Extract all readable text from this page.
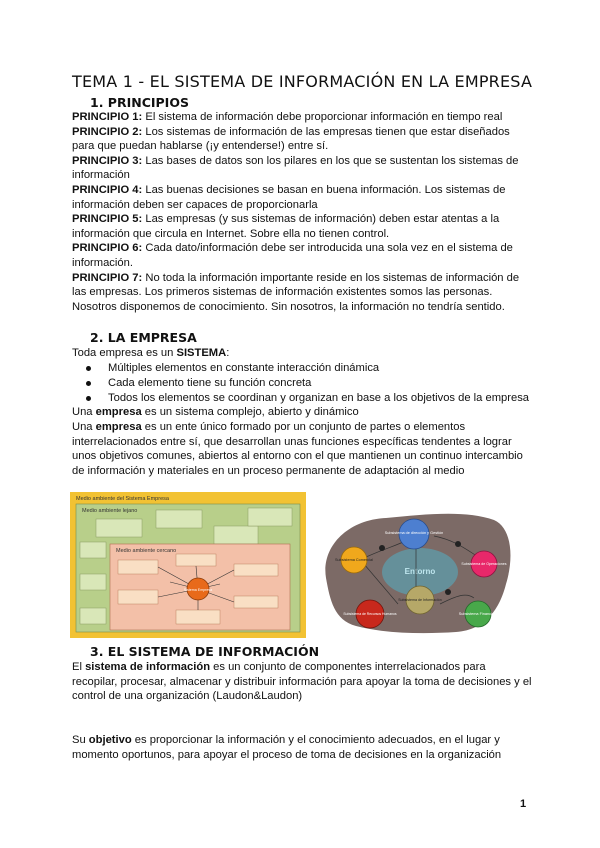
TEMA 1 - EL SISTEMA DE INFORMACIÓN EN LA EMPRESA
1. PRINCIPIOS
PRINCIPIO 1: El sistema de información debe proporcionar información en tiempo real
PRINCIPIO 2: Los sistemas de información de las empresas tienen que estar diseñados para que puedan hablarse (¡y entenderse!) entre sí.
PRINCIPIO 3: Las bases de datos son los pilares en los que se sustentan los sistemas de información
PRINCIPIO 4: Las buenas decisiones se basan en buena información. Los sistemas de información deben ser capaces de proporcionarla
PRINCIPIO 5: Las empresas (y sus sistemas de información) deben estar atentas a la información que circula en Internet. Sobre ella no tienen control.
PRINCIPIO 6: Cada dato/información debe ser introducida una sola vez en el sistema de información.
PRINCIPIO 7: No toda la información importante reside en los sistemas de información de las empresas. Los primeros sistemas de información existentes somos las personas. Nosotros disponemos de conocimiento. Sin nosotros, la información no tendría sentido.
2. LA EMPRESA
Toda empresa es un SISTEMA:
Múltiples elementos en constante interacción dinámica
Cada elemento tiene su función concreta
Todos los elementos se coordinan y organizan en base a los objetivos de la empresa
Una empresa es un sistema complejo, abierto y dinámico
Una empresa es un ente único formado por un conjunto de partes o elementos interrelacionados entre sí, que desarrollan unas funciones específicas tendentes a lograr unos objetivos comunes, abiertos al entorno con el que mantienen un continuo intercambio de información y materiales en un proceso permanente de adaptación al medio
Medio ambiente del Sistema Empresa
Medio ambiente lejano
Medio ambiente cercano
Sistema Empresa
Entorno
Subsistema de dirección y Gestión
Subsistema Comercial
Subsistema de Operaciones
Subsistema Financiero
Subsistema de Información
Subsistema de Recursos Humanos
3. EL SISTEMA DE INFORMACIÓN
El sistema de información es un conjunto de componentes interrelacionados para recopilar, procesar, almacenar y distribuir información para apoyar la toma de decisiones y el control de una organización (Laudon&Laudon)
Su objetivo es proporcionar la información y el conocimiento adecuados, en el lugar y momento oportunos, para apoyar el proceso de toma de decisiones en la organización
1
